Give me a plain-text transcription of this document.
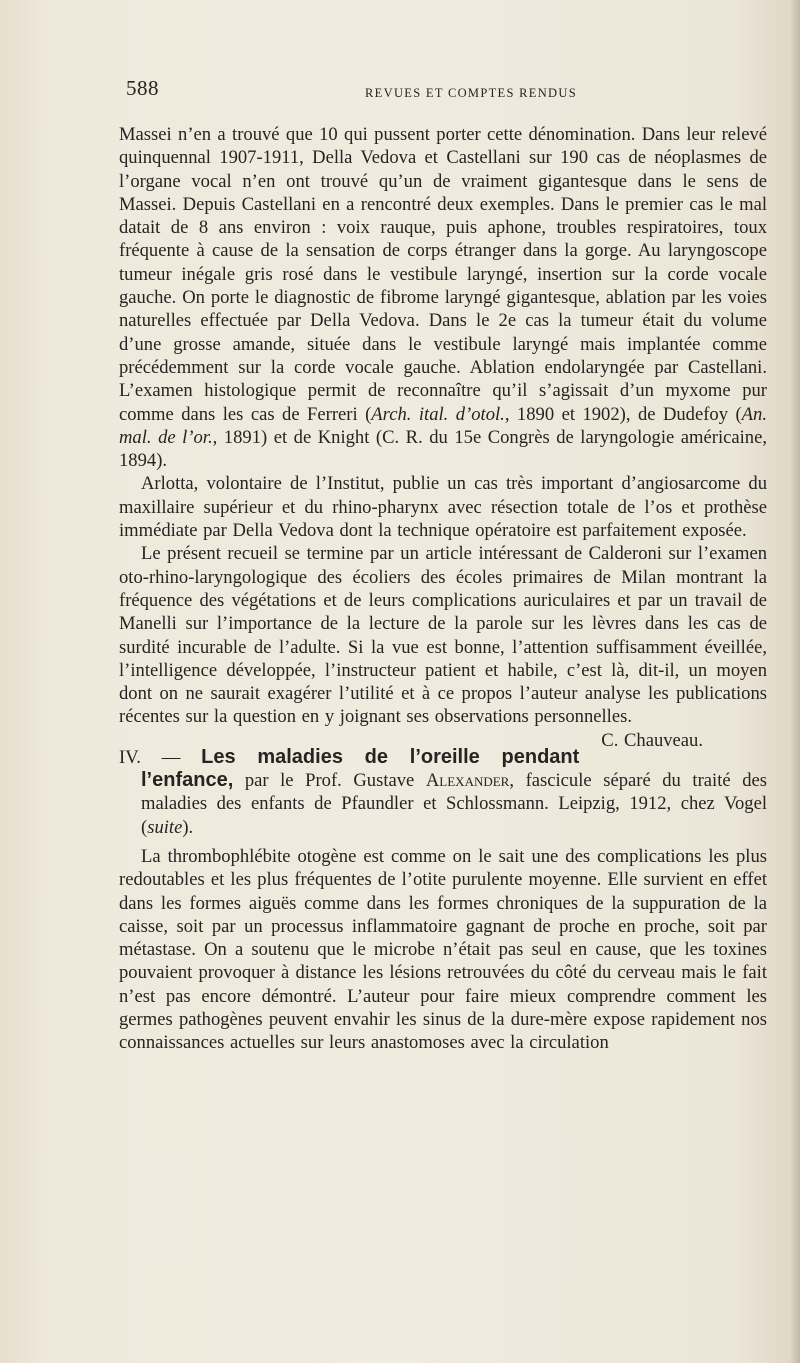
588	REVUES ET COMPTES RENDUS

Massei n’en a trouvé que 10 qui pussent porter cette dénomination. Dans leur relevé quinquennal 1907-1911, Della Vedova et Castellani sur 190 cas de néoplasmes de l’organe vocal n’en ont trouvé qu’un de vraiment gigantesque dans le sens de Massei. Depuis Castellani en a rencontré deux exemples. Dans le premier cas le mal datait de 8 ans environ : voix rauque, puis aphone, troubles respiratoires, toux fréquente à cause de la sensation de corps étranger dans la gorge. Au laryngoscope tumeur inégale gris rosé dans le vestibule laryngé, insertion sur la corde vocale gauche. On porte le diagnostic de fibrome laryngé gigantesque, ablation par les voies naturelles effectuée par Della Vedova. Dans le 2e cas la tumeur était du volume d’une grosse amande, située dans le vestibule laryngé mais implantée comme précédemment sur la corde vocale gauche. Ablation endolaryngée par Castellani. L’examen histologique permit de reconnaître qu’il s’agissait d’un myxome pur comme dans les cas de Ferreri (Arch. ital. d’otol., 1890 et 1902), de Dudefoy (An. mal. de l’or., 1891) et de Knight (C. R. du 15e Congrès de laryngologie américaine, 1894).

Arlotta, volontaire de l’Institut, publie un cas très important d’angiosarcome du maxillaire supérieur et du rhino-pharynx avec résection totale de l’os et prothèse immédiate par Della Vedova dont la technique opératoire est parfaitement exposée.

Le présent recueil se termine par un article intéressant de Calderoni sur l’examen oto-rhino-laryngologique des écoliers des écoles primaires de Milan montrant la fréquence des végétations et de leurs complications auriculaires et par un travail de Manelli sur l’importance de la lecture de la parole sur les lèvres dans les cas de surdité incurable de l’adulte. Si la vue est bonne, l’attention suffisamment éveillée, l’intelligence développée, l’instructeur patient et habile, c’est là, dit-il, un moyen dont on ne saurait exagérer l’utilité et à ce propos l’auteur analyse les publications récentes sur la question en y joignant ses observations personnelles.
C. Chauveau.

IV. — Les maladies de l’oreille pendant l’enfance, par le Prof. Gustave Alexander, fascicule séparé du traité des maladies des enfants de Pfaundler et Schlossmann. Leipzig, 1912, chez Vogel (suite).

La thrombophlébite otogène est comme on le sait une des complications les plus redoutables et les plus fréquentes de l’otite purulente moyenne. Elle survient en effet dans les formes aiguës comme dans les formes chroniques de la suppuration de la caisse, soit par un processus inflammatoire gagnant de proche en proche, soit par métastase. On a soutenu que le microbe n’était pas seul en cause, que les toxines pouvaient provoquer à distance les lésions retrouvées du côté du cerveau mais le fait n’est pas encore démontré. L’auteur pour faire mieux comprendre comment les germes pathogènes peuvent envahir les sinus de la dure-mère expose rapidement nos connaissances actuelles sur leurs anastomoses avec la circulation
